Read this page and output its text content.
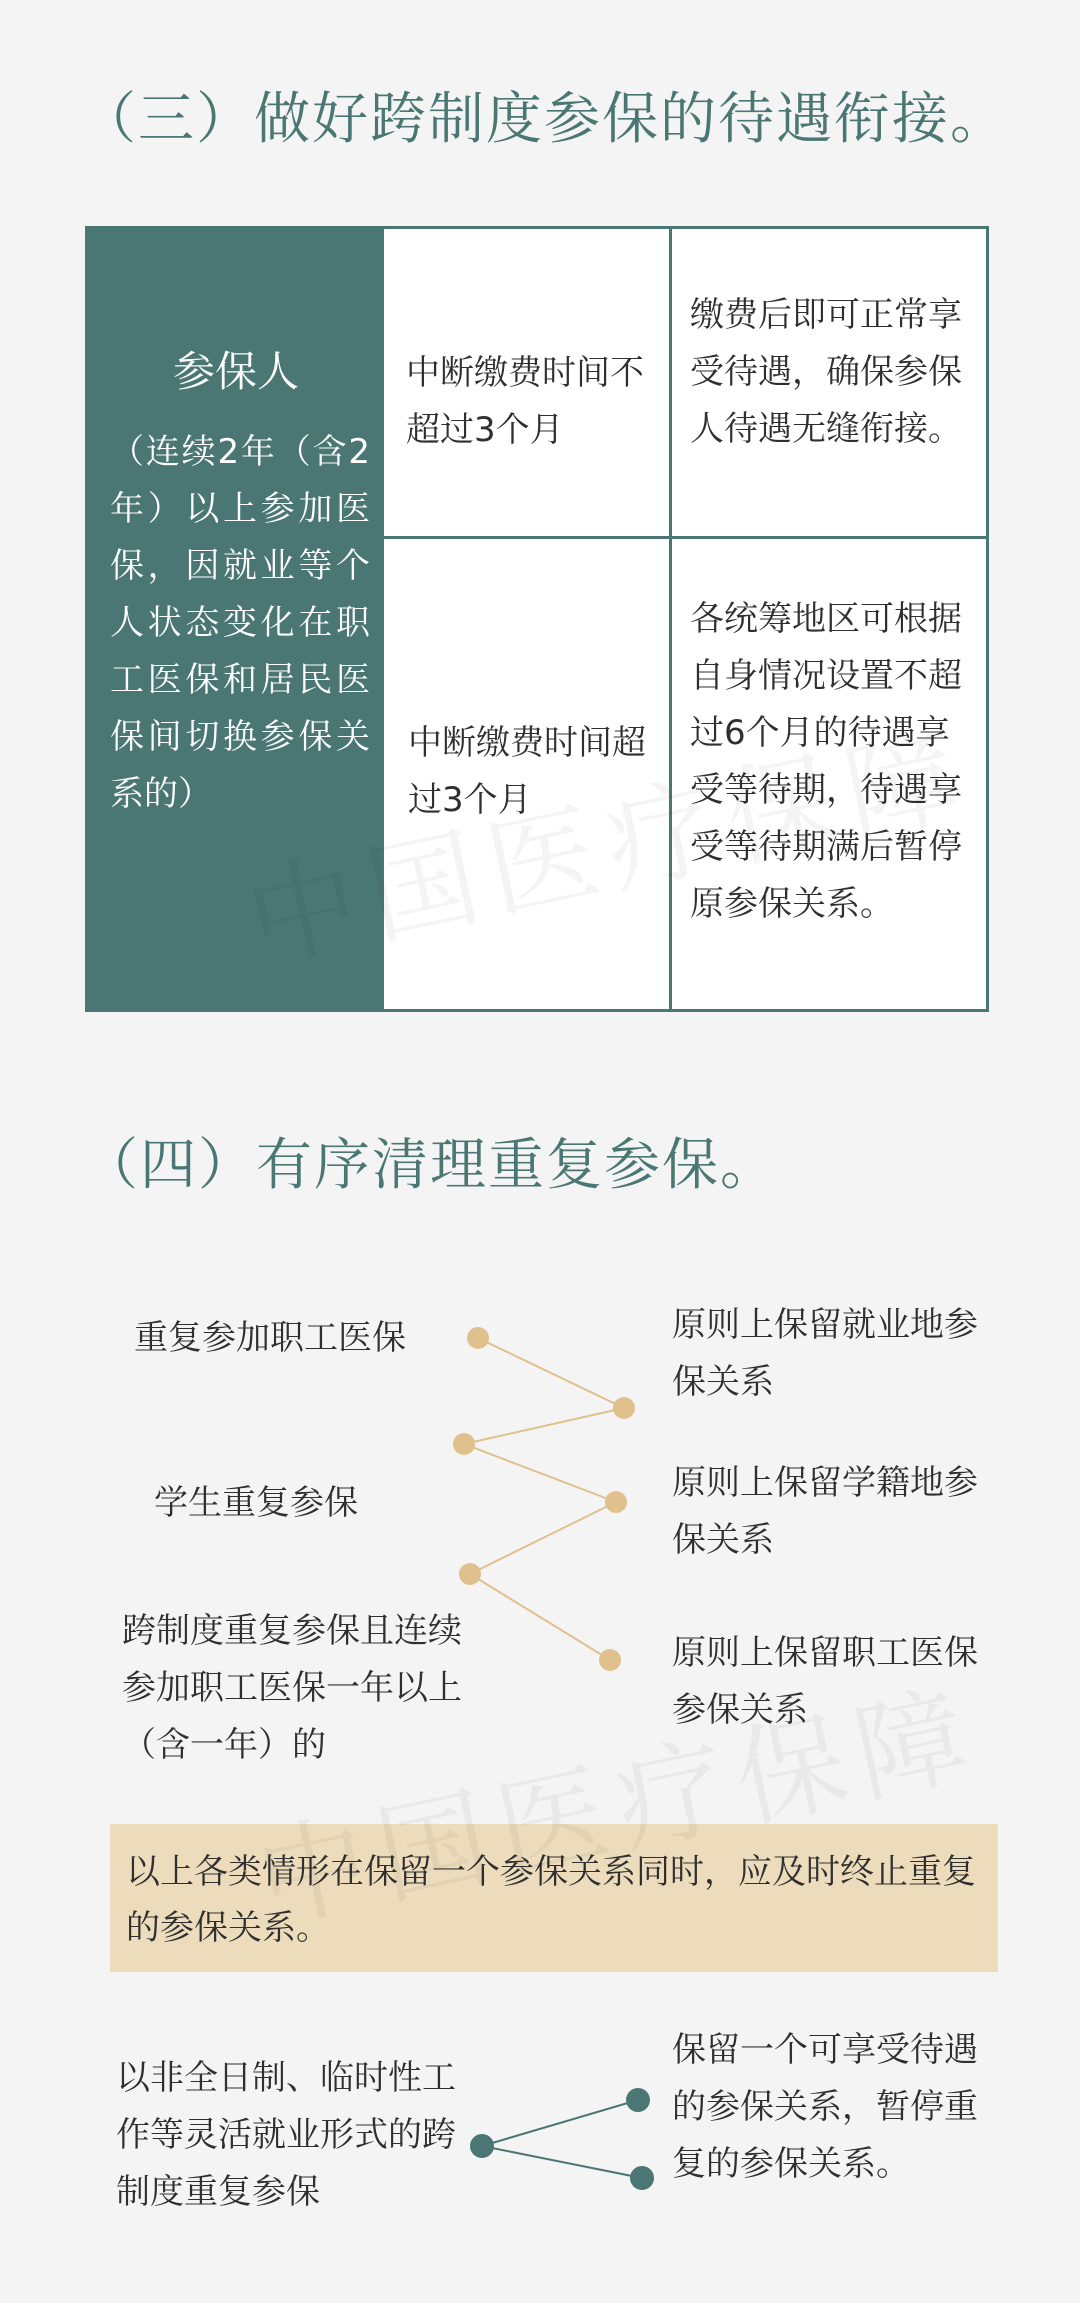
（三）做好跨制度参保的待遇衔接。
参保人
（连续2年（含2年）以上参加医保，因就业等个人状态变化在职工医保和居民医保间切换参保关系的）
中断缴费时间不超过3个月
缴费后即可正常享受待遇，确保参保人待遇无缝衔接。
中断缴费时间超过3个月
各统筹地区可根据自身情况设置不超过6个月的待遇享受等待期，待遇享受等待期满后暂停原参保关系。
（四）有序清理重复参保。
重复参加职工医保
学生重复参保
跨制度重复参保且连续参加职工医保一年以上（含一年）的
原则上保留就业地参保关系
原则上保留学籍地参保关系
原则上保留职工医保参保关系
以上各类情形在保留一个参保关系同时，应及时终止重复的参保关系。
以非全日制、临时性工作等灵活就业形式的跨制度重复参保
保留一个可享受待遇的参保关系，暂停重复的参保关系。
